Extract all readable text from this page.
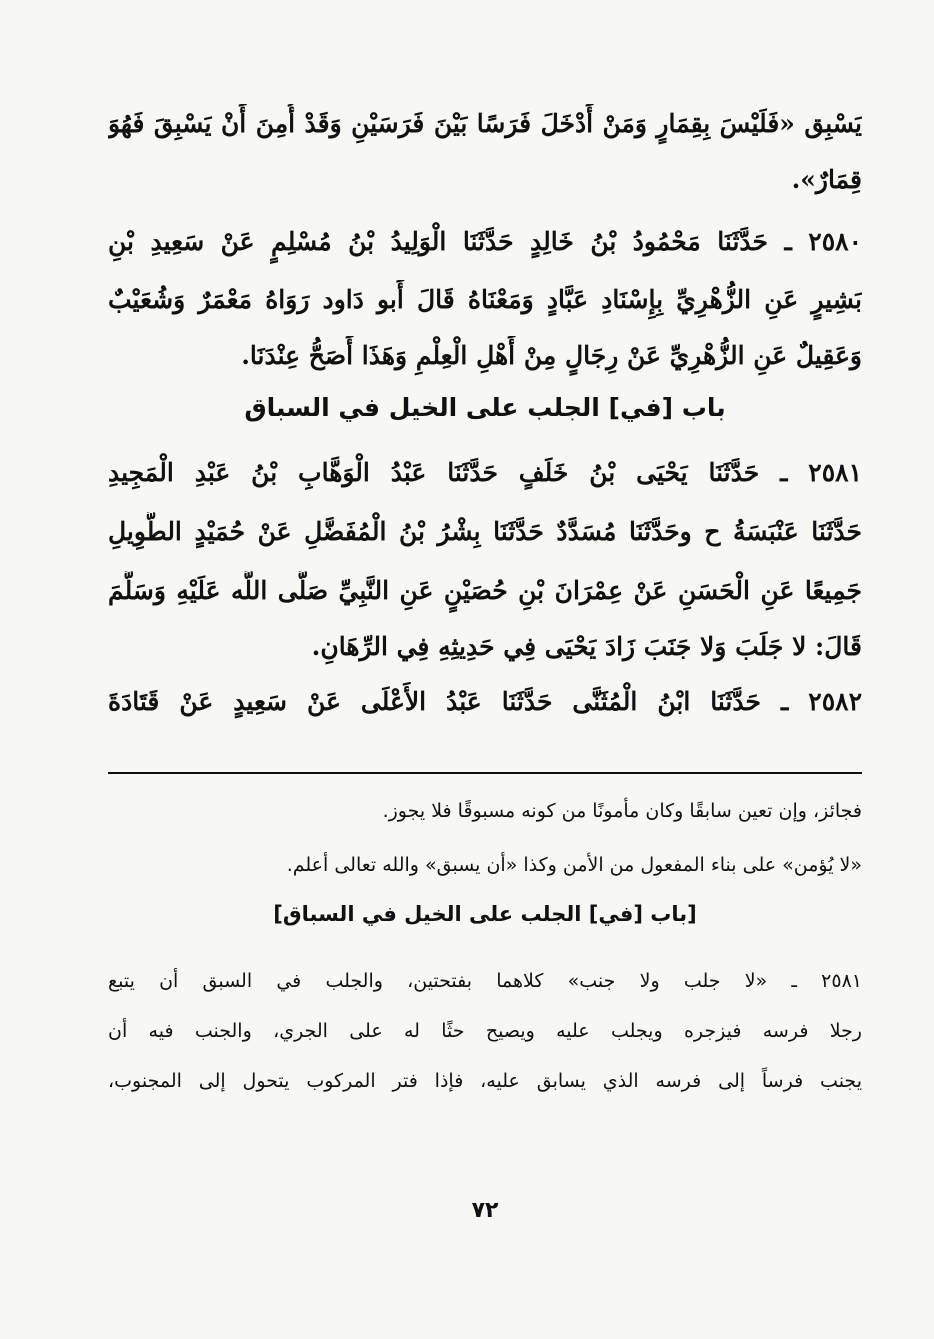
يَسْبِق «فَلَيْسَ بِقِمَارٍ وَمَنْ أَدْخَلَ فَرَسًا بَيْنَ فَرَسَيْنِ وَقَدْ أُمِنَ أَنْ يَسْبِقَ فَهُوَ
قِمَارٌ».
٢٥٨٠ ـ حَدَّثَنَا مَحْمُودُ بْنُ خَالِدٍ حَدَّثَنَا الْوَلِيدُ بْنُ مُسْلِمٍ عَنْ سَعِيدِ بْنِ
بَشِيرٍ عَنِ الزُّهْرِيِّ بِإِسْنَادِ عَبَّادٍ وَمَعْنَاهُ قَالَ أَبو دَاود رَوَاهُ مَعْمَرٌ وَشُعَيْبٌ
وَعَقِيلٌ عَنِ الزُّهْرِيِّ عَنْ رِجَالٍ مِنْ أَهْلِ الْعِلْمِ وَهَذَا أَصَحُّ عِنْدَنَا.
باب [في] الجلب على الخيل في السباق
٢٥٨١ ـ حَدَّثَنَا يَحْيَى بْنُ خَلَفٍ حَدَّثَنَا عَبْدُ الْوَهَّابِ بْنُ عَبْدِ الْمَجِيدِ
حَدَّثَنَا عَنْبَسَةُ ح وحَدَّثَنَا مُسَدَّدٌ حَدَّثَنَا بِشْرُ بْنُ الْمُفَضَّلِ عَنْ حُمَيْدٍ الطَّوِيلِ
جَمِيعًا عَنِ الْحَسَنِ عَنْ عِمْرَانَ بْنِ حُصَيْنٍ عَنِ النَّبِيِّ صَلَّى اللَّه عَلَيْهِ وَسَلَّمَ
قَالَ: لا جَلَبَ وَلا جَنَبَ زَادَ يَحْيَى فِي حَدِيثِهِ فِي الرِّهَانِ.
٢٥٨٢ ـ حَدَّثَنَا ابْنُ الْمُثَنَّى حَدَّثَنَا عَبْدُ الأَعْلَى عَنْ سَعِيدٍ عَنْ قَتَادَةَ
فجائز، وإن تعين سابقًا وكان مأمونًا من كونه مسبوقًا فلا يجوز.
«لا يُؤمن» على بناء المفعول من الأمن وكذا «أن يسبق» والله تعالى أعلم.
[باب [في] الجلب على الخيل في السباق]
٢٥٨١ ـ «لا جلب ولا جنب» كلاهما بفتحتين، والجلب في السبق أن يتبع
رجلا فرسه فيزجره ويجلب عليه ويصيح حثًا له على الجري، والجنب فيه أن
يجنب فرساً إلى فرسه الذي يسابق عليه، فإذا فتر المركوب يتحول إلى المجنوب،
٧٢
